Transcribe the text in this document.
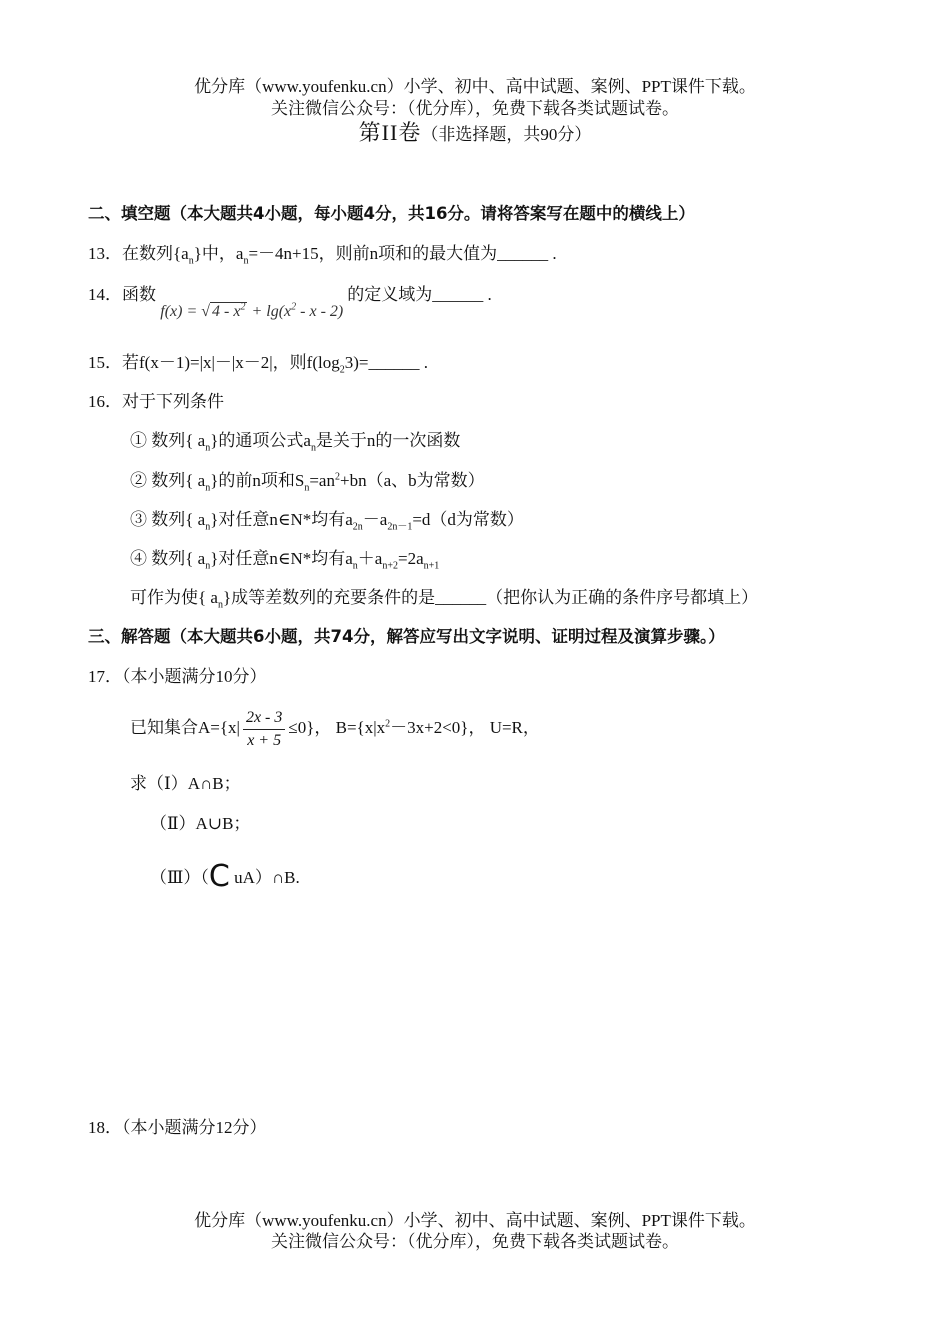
优分库（www.youfenku.cn）小学、初中、高中试题、案例、PPT课件下载。
关注微信公众号：（优分库），免费下载各类试题试卷。
第II卷（非选择题，共90分）
二、填空题（本大题共4小题，每小题4分，共16分。请将答案写在题中的横线上）
13．在数列$\{a_n\}$中，$a_n=-4n+15$，则前n项和的最大值为______ .
14．函数 f(x) = √ $4 - x^2 + \lg(x^2 - x - 2)$ 的定义域为______ .
15．若f(x－1)=|x|－|x－2|，则$f(\log_23)=\_\_\_\_\_\_$ .
16．对于下列条件
① 数列{ $a_n$}的通项公式$a_n$是关于n的一次函数
② 数列{ $a_n$}的前n项和$S_n=an^2+bn(a$、b为常数）
③ 数列{ $a_n$}对任意n∈N*均有$a_{2n}-a_{2n-1}=d(d$为常数）
④ 数列{ $a_n$}对任意n∈N*均有$a_n+a_{n+2}=2a_{n+1}$
可作为使{ $a_n$}成等差数列的充要条件的是______（把你认为正确的条件序号都填上）
三、解答题（本大题共6小题，共74分，解答应写出文字说明、证明过程及演算步骤。）
17．（本小题满分10分）
已知集合$A=\{x| \frac{2x - 3}{x + 5} \le 0\}$， $B=\{x|x^2-3x+2<0\}$， U=R，
求（Ⅰ）A∩B；
（Ⅱ）A∪B；
（Ⅲ）（C uA）∩B.
18．（本小题满分12分）
优分库（www.youfenku.cn）小学、初中、高中试题、案例、PPT课件下载。
关注微信公众号：（优分库），免费下载各类试题试卷。
